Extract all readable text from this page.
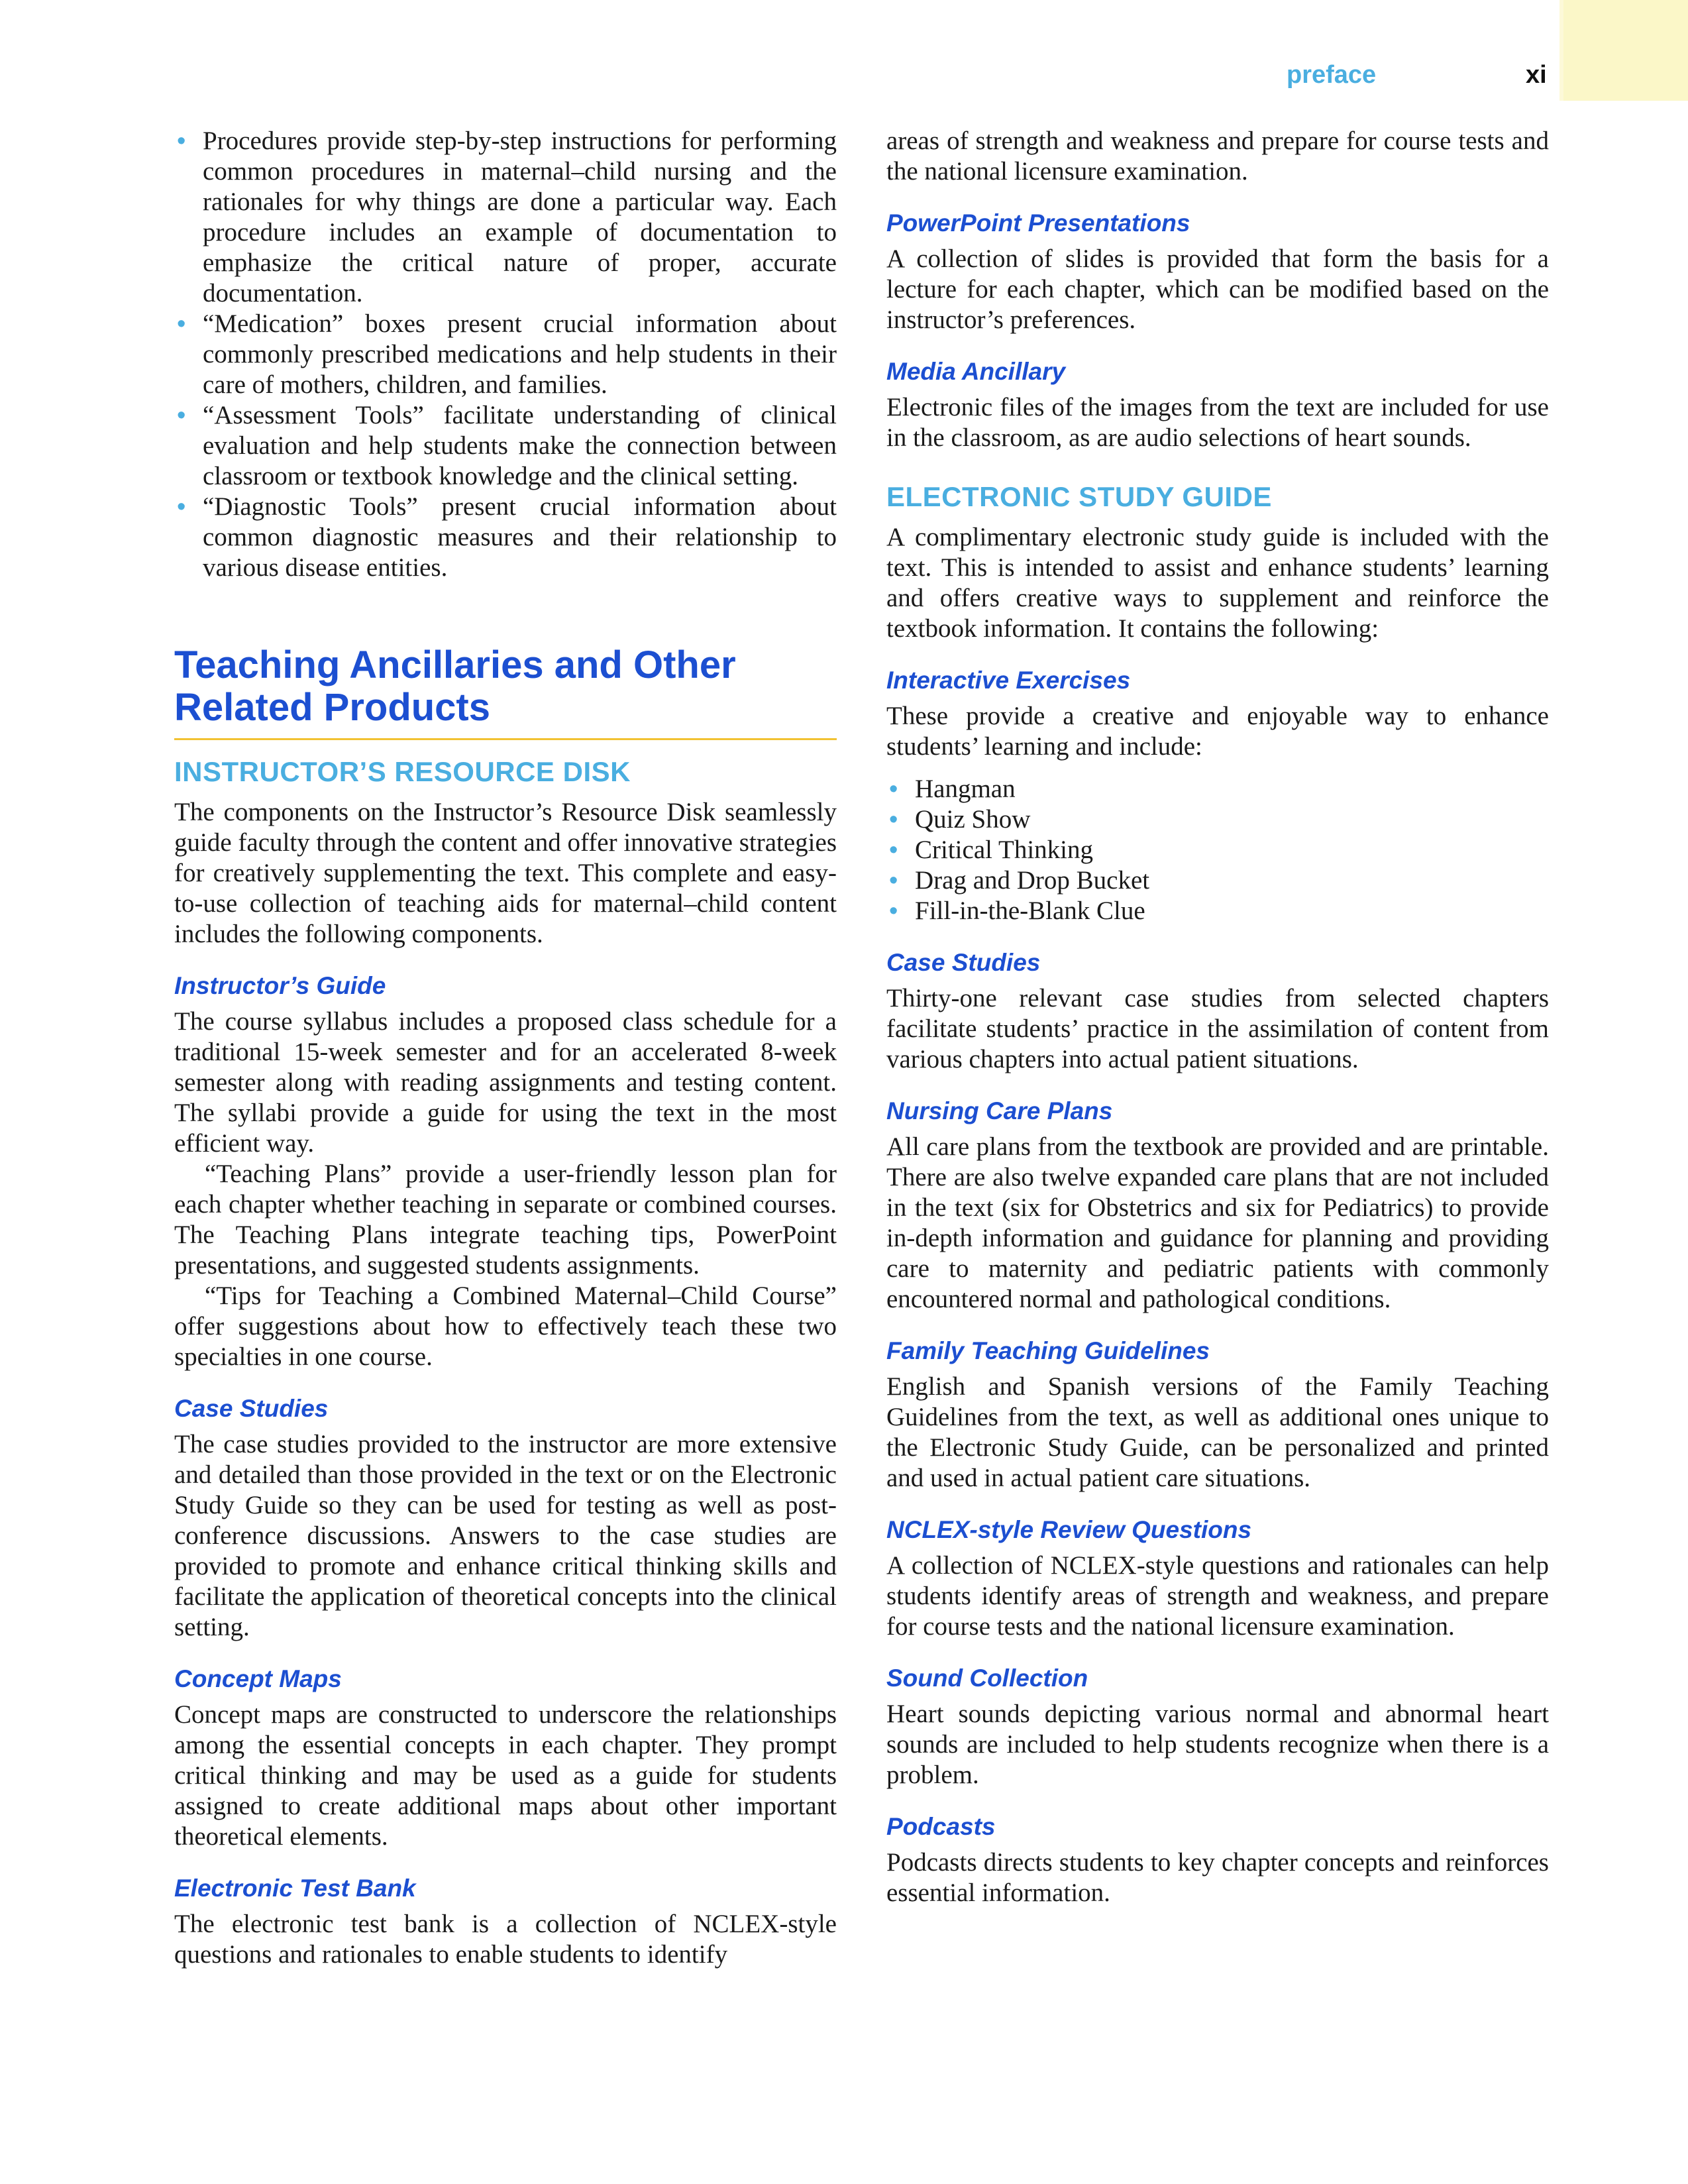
preface	xi
• Procedures provide step-by-step instructions for performing common procedures in maternal–child nursing and the rationales for why things are done a particular way. Each procedure includes an example of documentation to emphasize the critical nature of proper, accurate documentation.
• “Medication” boxes present crucial information about commonly prescribed medications and help students in their care of mothers, children, and families.
• “Assessment Tools” facilitate understanding of clinical evaluation and help students make the connection between classroom or textbook knowledge and the clinical setting.
• “Diagnostic Tools” present crucial information about common diagnostic measures and their relationship to various disease entities.
Teaching Ancillaries and Other
Related Products
INSTRUCTOR’S RESOURCE DISK

The components on the Instructor’s Resource Disk seamlessly guide faculty through the content and offer innovative strategies for creatively supplementing the text. This complete and easy-to-use collection of teaching aids for maternal–child content includes the following components.

Instructor’s Guide

The course syllabus includes a proposed class schedule for a traditional 15-week semester and for an accelerated 8-week semester along with reading assignments and testing content. The syllabi provide a guide for using the text in the most efficient way.

“Teaching Plans” provide a user-friendly lesson plan for each chapter whether teaching in separate or combined courses. The Teaching Plans integrate teaching tips, PowerPoint presentations, and suggested students assignments.

“Tips for Teaching a Combined Maternal–Child Course” offer suggestions about how to effectively teach these two specialties in one course.

Case Studies

The case studies provided to the instructor are more extensive and detailed than those provided in the text or on the Electronic Study Guide so they can be used for testing as well as post-conference discussions. Answers to the case studies are provided to promote and enhance critical thinking skills and facilitate the application of theoretical concepts into the clinical setting.

Concept Maps

Concept maps are constructed to underscore the relationships among the essential concepts in each chapter. They prompt critical thinking and may be used as a guide for students assigned to create additional maps about other important theoretical elements.

Electronic Test Bank

The electronic test bank is a collection of NCLEX-style questions and rationales to enable students to identify

areas of strength and weakness and prepare for course tests and the national licensure examination.

PowerPoint Presentations

A collection of slides is provided that form the basis for a lecture for each chapter, which can be modified based on the instructor’s preferences.

Media Ancillary

Electronic files of the images from the text are included for use in the classroom, as are audio selections of heart sounds.

ELECTRONIC STUDY GUIDE

A complimentary electronic study guide is included with the text. This is intended to assist and enhance students’ learning and offers creative ways to supplement and reinforce the textbook information. It contains the following:

Interactive Exercises

These provide a creative and enjoyable way to enhance students’ learning and include:

• Hangman
• Quiz Show
• Critical Thinking
• Drag and Drop Bucket
• Fill-in-the-Blank Clue
Case Studies

Thirty-one relevant case studies from selected chapters facilitate students’ practice in the assimilation of content from various chapters into actual patient situations.

Nursing Care Plans

All care plans from the textbook are provided and are printable. There are also twelve expanded care plans that are not included in the text (six for Obstetrics and six for Pediatrics) to provide in-depth information and guidance for planning and providing care to maternity and pediatric patients with commonly encountered normal and pathological conditions.

Family Teaching Guidelines

English and Spanish versions of the Family Teaching Guidelines from the text, as well as additional ones unique to the Electronic Study Guide, can be personalized and printed and used in actual patient care situations.

NCLEX-style Review Questions

A collection of NCLEX-style questions and rationales can help students identify areas of strength and weakness, and prepare for course tests and the national licensure examination.

Sound Collection

Heart sounds depicting various normal and abnormal heart sounds are included to help students recognize when there is a problem.

Podcasts

Podcasts directs students to key chapter concepts and reinforces essential information.
